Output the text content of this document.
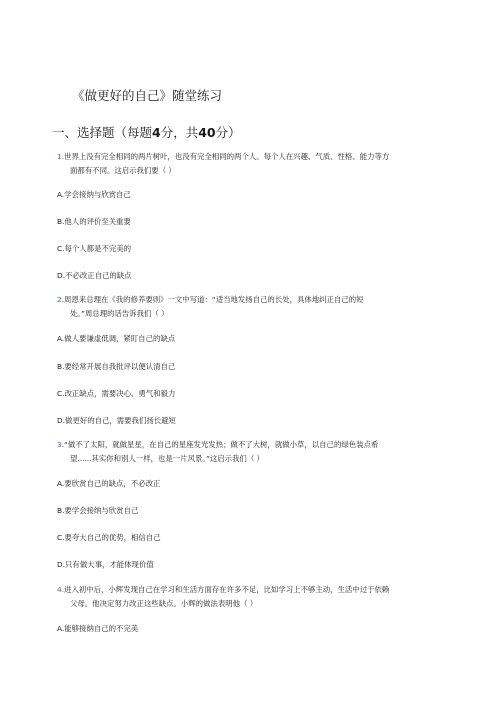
《做更好的自己》随堂练习
一、选择题（每题4分，共40分）
1.世界上没有完全相同的两片树叶，也没有完全相同的两个人。每个人在兴趣、气质、性格、能力等方
面都有不同。这启示我们要（ ）
A.学会接纳与欣赏自己
B.他人的评价至关重要
C.每个人都是不完美的
D.不必改正自己的缺点
2.周恩来总理在《我的修养要则》一文中写道：“适当地发扬自己的长处，具体地纠正自己的短
处。”周总理的话告诉我们（ ）
A.做人要谦虚低调，紧盯自己的缺点
B.要经常开展自我批评以便认清自己
C.改正缺点，需要决心、勇气和毅力
D.做更好的自己，需要我们扬长避短
3.“做不了太阳，就做星星，在自己的星座发光发热；做不了大树，就做小草，以自己的绿色装点希
望......其实你和别人一样，也是一片风景。”这启示我们（ ）
A.要欣赏自己的缺点，不必改正
B.要学会接纳与欣赏自己
C.要夸大自己的优势，相信自己
D.只有做大事，才能体现价值
4.进入初中后，小辉发现自己在学习和生活方面存在许多不足，比如学习上不够主动，生活中过于依赖
父母。他决定努力改正这些缺点。小辉的做法表明他（ ）
A.能够接纳自己的不完美
